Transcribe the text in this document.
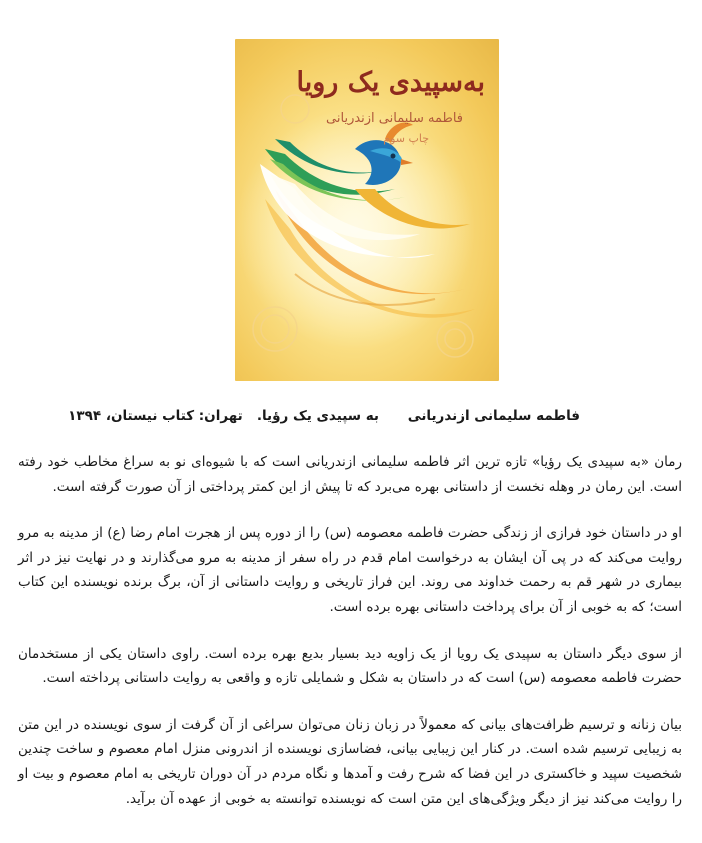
به‌سپیدی یک رویا
فاطمه سلیمانی ازندریانی
چاپ سوم
فاطمه سلیمانی ازندریانی به سپیدی یک رؤیا.   تهران: کتاب نیستان، ۱۳۹۴

رمان «به سپیدی یک رؤیا» تازه ترین اثر فاطمه سلیمانی ازندریانی است که با شیوه‌ای نو به سراغ مخاطب خود رفته است. این رمان در وهله نخست از داستانی بهره می‌برد که تا پیش از این کمتر پرداختی از آن صورت گرفته است.

او در داستان خود فرازی از زندگی حضرت فاطمه معصومه (س) را از دوره پس از هجرت امام رضا (ع) از مدینه به مرو روایت می‌کند که در پی آن ایشان به درخواست امام قدم در راه سفر از مدینه به مرو می‌گذارند و در نهایت نیز در اثر بیماری در شهر قم به رحمت خداوند می روند. این فراز تاریخی و روایت داستانی از آن، برگ برنده نویسنده این کتاب است؛ که به خوبی از آن برای پرداخت داستانی بهره برده است.

از سوی دیگر داستان به سپیدی یک رویا از یک زاویه دید بسیار بدیع بهره برده است. راوی داستان یکی از مستخدمان حضرت فاطمه معصومه (س) است که در داستان به شکل و شمایلی تازه و واقعی به روایت داستانی پرداخته است.

بیان زنانه و ترسیم ظرافت‌های بیانی که معمولاً در زبان زنان می‌توان سراغی از آن گرفت از سوی نویسنده در این متن به زیبایی ترسیم شده است. در کنار این زیبایی بیانی، فضاسازی نویسنده از اندرونی منزل امام معصوم و ساخت چندین شخصیت سپید و خاکستری در این فضا که شرح رفت و آمدها و نگاه مردم در آن دوران تاریخی به امام معصوم و بیت او را روایت می‌کند نیز از دیگر ویژگی‌های این متن است که نویسنده توانسته به خوبی از عهده آن برآید.
